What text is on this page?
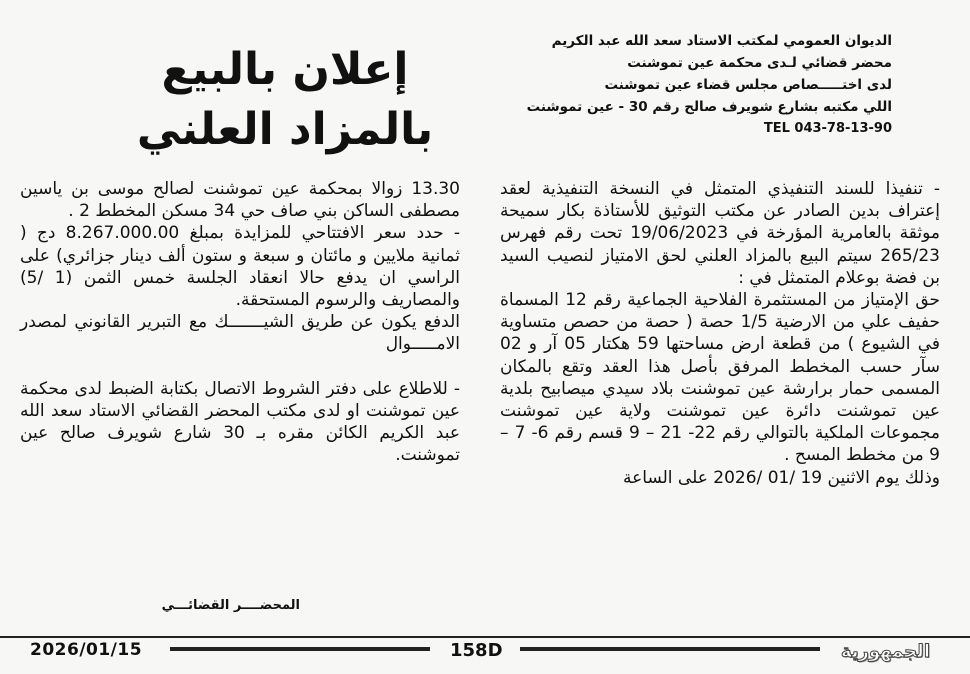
الديوان العمومي لمكتب الاستاد سعد الله عبد الكريم
محضر قضائي لـدى محكمة عين تموشنت
لدى اختـــــصاص مجلس قضاء عين تموشنت
اللي مكتبه بشارع شويرف صالح رقم 30 - عين تموشنت
TEL 043-78-13-90
إعلان بالبيع
بالمزاد العلني

- تنفيذا للسند التنفيذي المتمثل في النسخة التنفيذية لعقد إعتراف بدين الصادر عن مكتب التوثيق للأستاذة بكار سميحة موثقة بالعامرية المؤرخة في 19/06/2023 تحت رقم فهرس 265/23 سيتم البيع بالمزاد العلني لحق الامتياز لنصيب السيد بن فضة بوعلام المتمثل في :

حق الإمتياز من المستثمرة الفلاحية الجماعية رقم 12 المسماة حفيف علي من الارضية 1/5 حصة ( حصة من حصص متساوية في الشيوع ) من قطعة ارض مساحتها 59 هكتار 05 آر و 02 سآر حسب المخطط المرفق بأصل هذا العقد وتقع بالمكان المسمى حمار برارشة عين تموشنت بلاد سيدي ميصابيح بلدية عين تموشنت دائرة عين تموشنت ولاية عين تموشنت مجموعات الملكية بالتوالي رقم 22- 21 – 9 قسم رقم 6- 7 – 9 من مخطط المسح .

وذلك يوم الاثنين 19 /01 /2026 على الساعة

13.30 زوالا بمحكمة عين تموشنت لصالح موسى بن ياسين مصطفى الساكن بني صاف حي 34 مسكن المخطط 2 .

- حدد سعر الافتتاحي للمزايدة بمبلغ 8.267.000.00 دج ( ثمانية ملايين و مائتان و سبعة و ستون ألف دينار جزائري) على الراسي ان يدفع حالا انعقاد الجلسة خمس الثمن (1 /5) والمصاريف والرسوم المستحقة.

الدفع يكون عن طريق الشيـــــــك مع التبرير القانوني لمصدر الامـــــوال

- للاطلاع على دفتر الشروط الاتصال بكتابة الضبط لدى محكمة عين تموشنت او لدى مكتب المحضر القضائي الاستاد سعد الله عبد الكريم الكائن مقره بـ 30 شارع شويرف صالح عين تموشنت.

المحضــــر القضائـــي
2026/01/15	158D	الجمهورية
